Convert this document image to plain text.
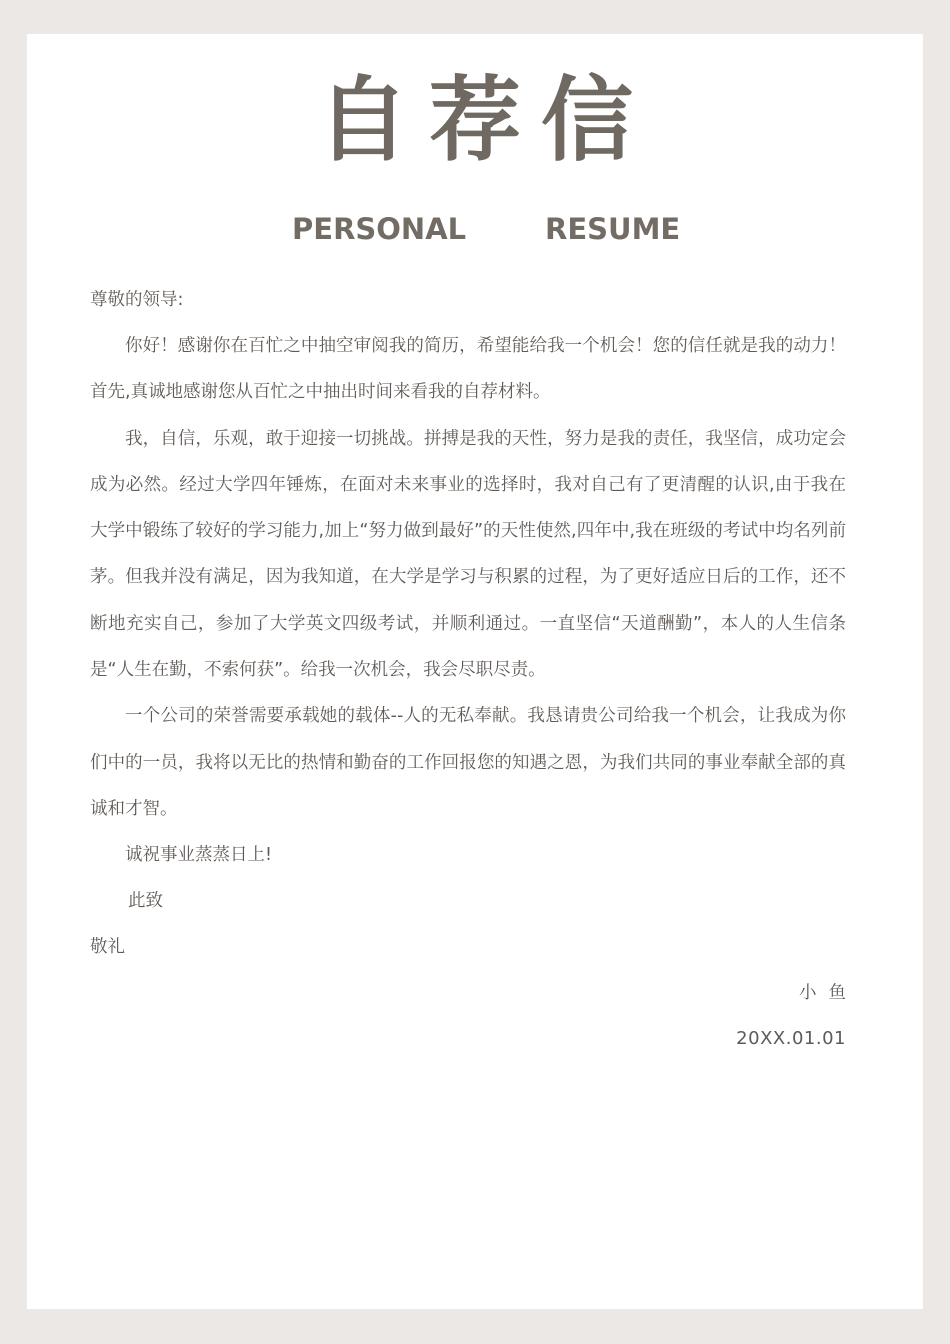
自荐信
PERSONAL	RESUME

尊敬的领导:

你好！感谢你在百忙之中抽空审阅我的简历，希望能给我一个机会！您的信任就是我的动力！首先,真诚地感谢您从百忙之中抽出时间来看我的自荐材料。

我，自信，乐观，敢于迎接一切挑战。拼搏是我的天性，努力是我的责任，我坚信，成功定会成为必然。经过大学四年锤炼，在面对未来事业的选择时，我对自己有了更清醒的认识,由于我在大学中锻练了较好的学习能力,加上“努力做到最好”的天性使然,四年中,我在班级的考试中均名列前茅。但我并没有满足，因为我知道，在大学是学习与积累的过程，为了更好适应日后的工作，还不断地充实自己，参加了大学英文四级考试，并顺利通过。一直坚信“天道酬勤”，本人的人生信条是“人生在勤，不索何获”。给我一次机会，我会尽职尽责。

一个公司的荣誉需要承载她的载体--人的无私奉献。我恳请贵公司给我一个机会，让我成为你们中的一员，我将以无比的热情和勤奋的工作回报您的知遇之恩，为我们共同的事业奉献全部的真诚和才智。

诚祝事业蒸蒸日上!

此致

敬礼

小鱼

20XX.01.01
